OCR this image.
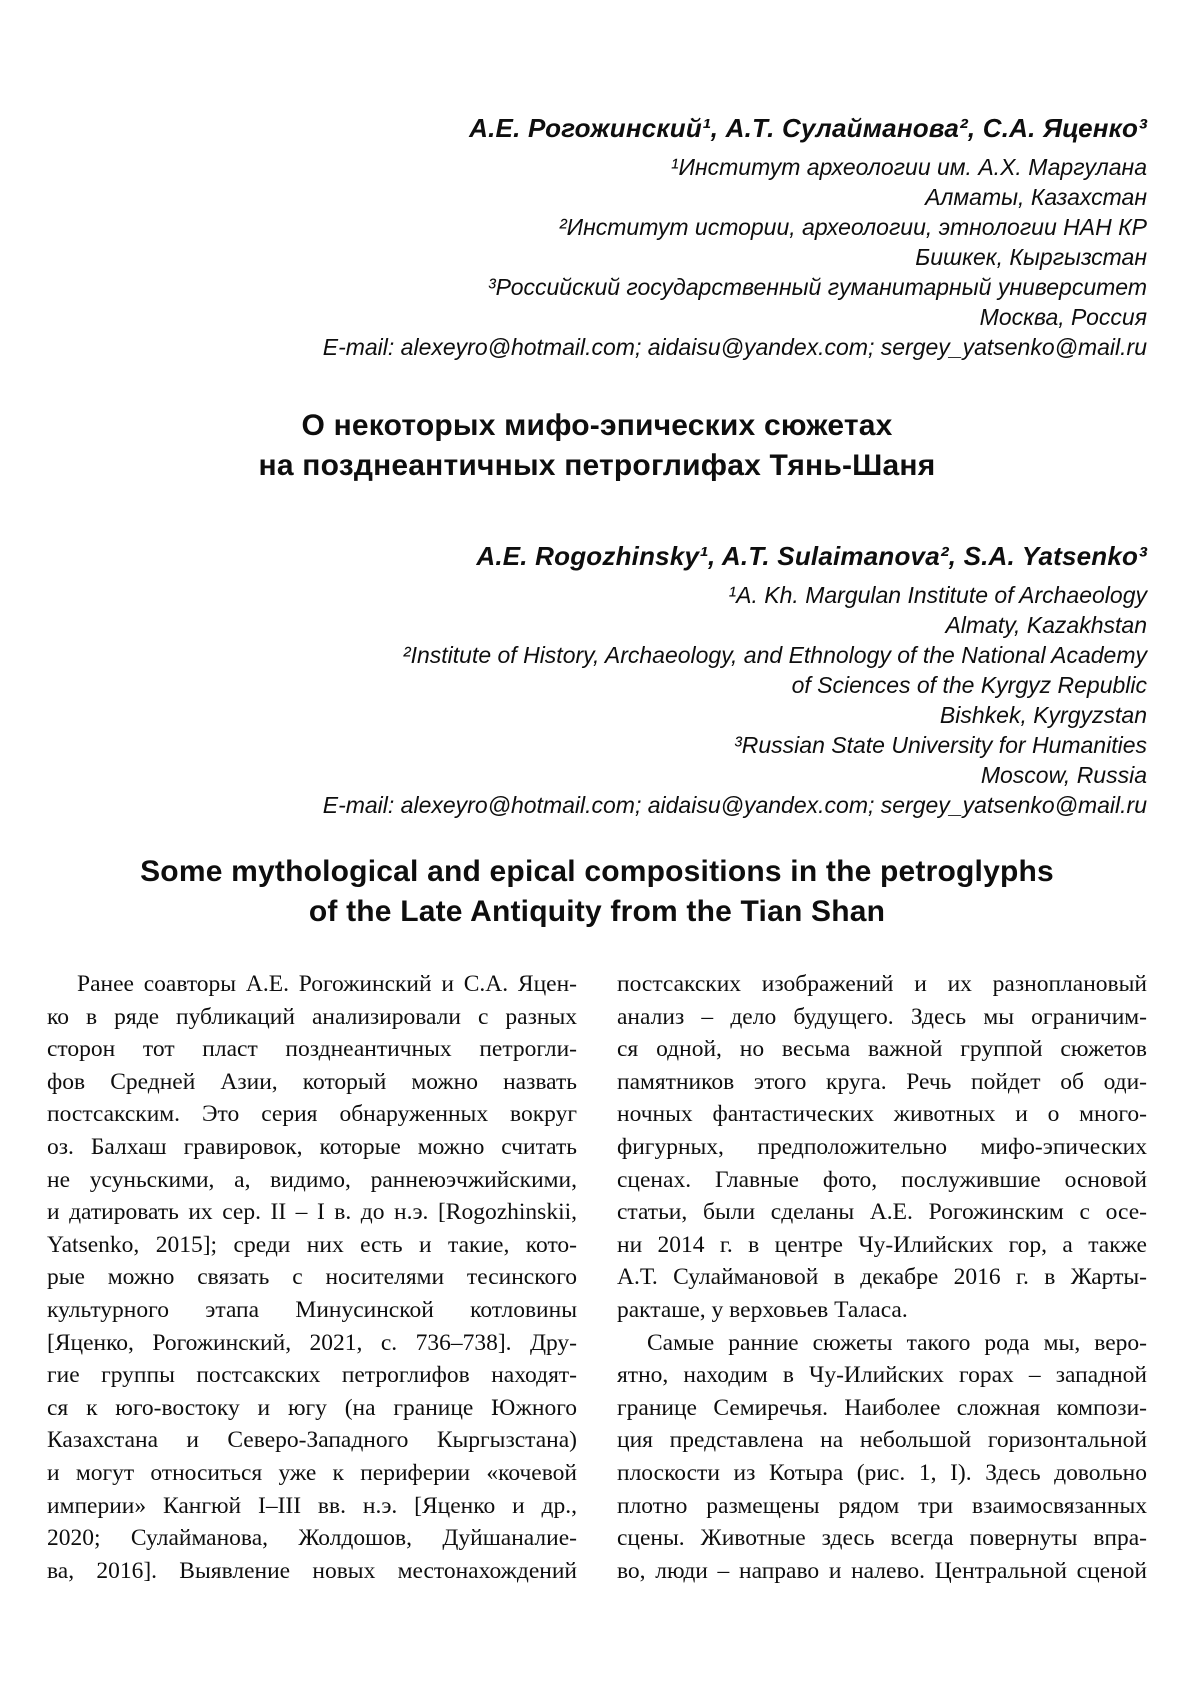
А.Е. Рогожинский¹, А.Т. Сулайманова², С.А. Яценко³
¹Институт археологии им. А.Х. Маргулана
Алматы, Казахстан
²Институт истории, археологии, этнологии НАН КР
Бишкек, Кыргызстан
³Российский государственный гуманитарный университет
Москва, Россия
E-mail: alexeyro@hotmail.com; aidaisu@yandex.com; sergey_yatsenko@mail.ru
О некоторых мифо-эпических сюжетах
на позднеантичных петроглифах Тянь-Шаня
A.E. Rogozhinsky¹, A.T. Sulaimanova², S.A. Yatsenko³
¹A. Kh. Margulan Institute of Archaeology
Almaty, Kazakhstan
²Institute of History, Archaeology, and Ethnology of the National Academy
of Sciences of the Kyrgyz Republic
Bishkek, Kyrgyzstan
³Russian State University for Humanities
Moscow, Russia
E-mail: alexeyro@hotmail.com; aidaisu@yandex.com; sergey_yatsenko@mail.ru
Some mythological and epical compositions in the petroglyphs
of the Late Antiquity from the Tian Shan
Ранее соавторы А.Е. Рогожинский и С.А. Яцен-
ко в ряде публикаций анализировали с разных
сторон тот пласт позднеантичных петрогли-
фов Средней Азии, который можно назвать
постсакским. Это серия обнаруженных вокруг
оз. Балхаш гравировок, которые можно считать
не усуньскими, а, видимо, раннеюэчжийскими,
и датировать их сер. II – I в. до н.э. [Rogozhinskii,
Yatsenko, 2015]; среди них есть и такие, кото-
рые можно связать с носителями тесинского
культурного этапа Минусинской котловины
[Яценко, Рогожинский, 2021, с. 736–738]. Дру-
гие группы постсакских петроглифов находят-
ся к юго-востоку и югу (на границе Южного
Казахстана и Северо-Западного Кыргызстана)
и могут относиться уже к периферии «кочевой
империи» Кангюй I–III вв. н.э. [Яценко и др.,
2020; Сулайманова, Жолдошов, Дуйшаналие-
ва, 2016]. Выявление новых местонахождений
постсакских изображений и их разноплановый
анализ – дело будущего. Здесь мы ограничим-
ся одной, но весьма важной группой сюжетов
памятников этого круга. Речь пойдет об оди-
ночных фантастических животных и о много-
фигурных, предположительно мифо-эпических
сценах. Главные фото, послужившие основой
статьи, были сделаны А.Е. Рогожинским с осе-
ни 2014 г. в центре Чу-Илийских гор, а также
А.Т. Сулаймановой в декабре 2016 г. в Жарты-
ракташе, у верховьев Таласа.
Самые ранние сюжеты такого рода мы, веро-
ятно, находим в Чу-Илийских горах – западной
границе Семиречья. Наиболее сложная компози-
ция представлена на небольшой горизонтальной
плоскости из Котыра (рис. 1, I). Здесь довольно
плотно размещены рядом три взаимосвязанных
сцены. Животные здесь всегда повернуты впра-
во, люди – направо и налево. Центральной сценой
